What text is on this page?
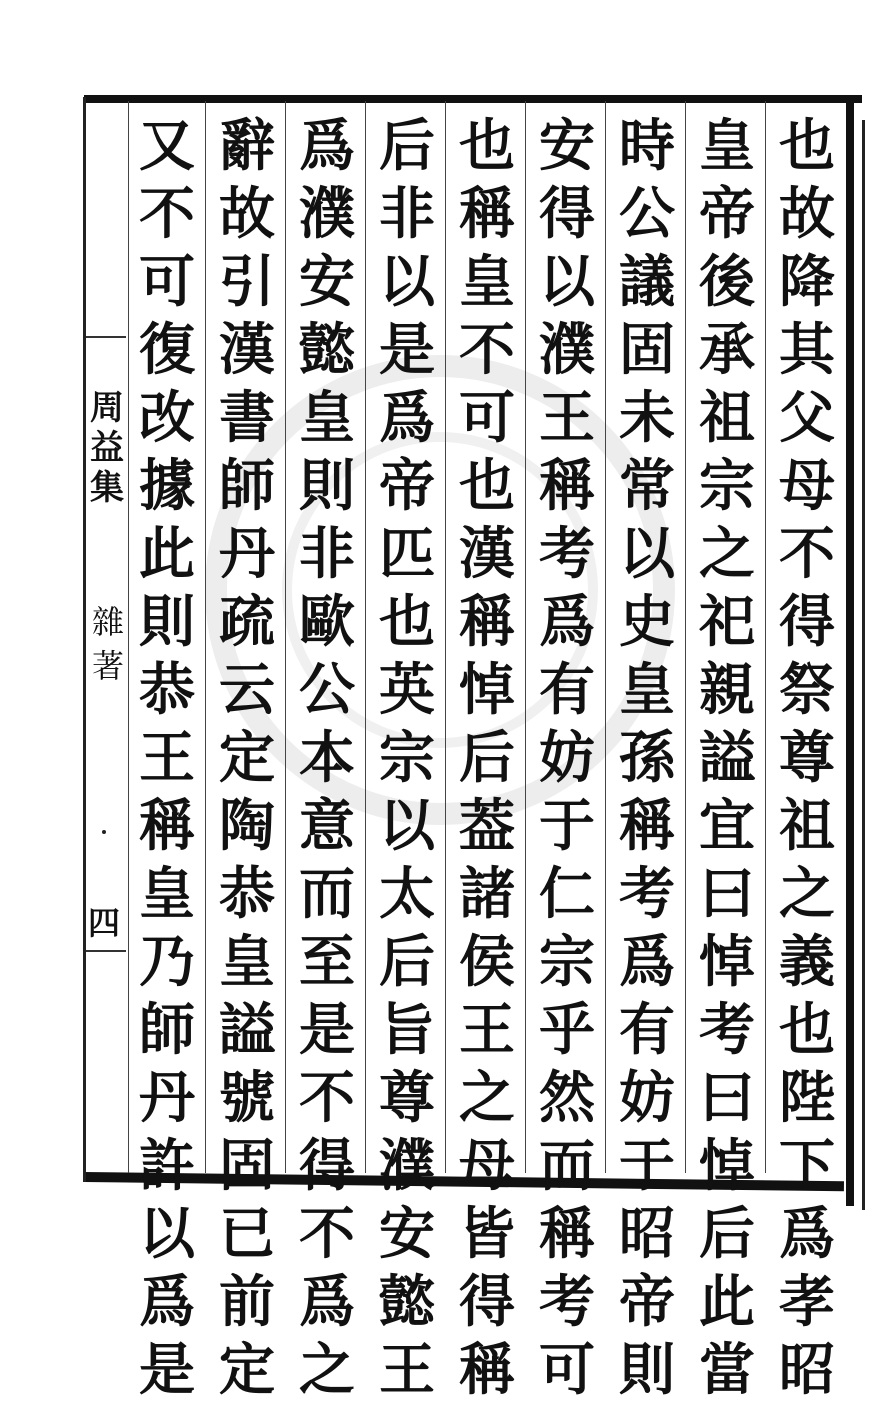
周
益
集
雜
著
四
也
故
降
其
父
母
不
得
祭
尊
祖
之
義
也
陛
下
爲
孝
昭
皇
帝
後
承
祖
宗
之
祀
親
謚
宜
曰
悼
考
曰
悼
后
此
當
時
公
議
固
未
常
以
史
皇
孫
稱
考
爲
有
妨
于
昭
帝
則
安
得
以
濮
王
稱
考
爲
有
妨
于
仁
宗
乎
然
而
稱
考
可
也
稱
皇
不
可
也
漢
稱
悼
后
葢
諸
侯
王
之
母
皆
得
稱
后
非
以
是
爲
帝
匹
也
英
宗
以
太
后
旨
尊
濮
安
懿
王
爲
濮
安
懿
皇
則
非
歐
公
本
意
而
至
是
不
得
不
爲
之
辭
故
引
漢
書
師
丹
疏
云
定
陶
恭
皇
謚
號
固
已
前
定
又
不
可
復
改
據
此
則
恭
王
稱
皇
乃
師
丹
許
以
爲
是
